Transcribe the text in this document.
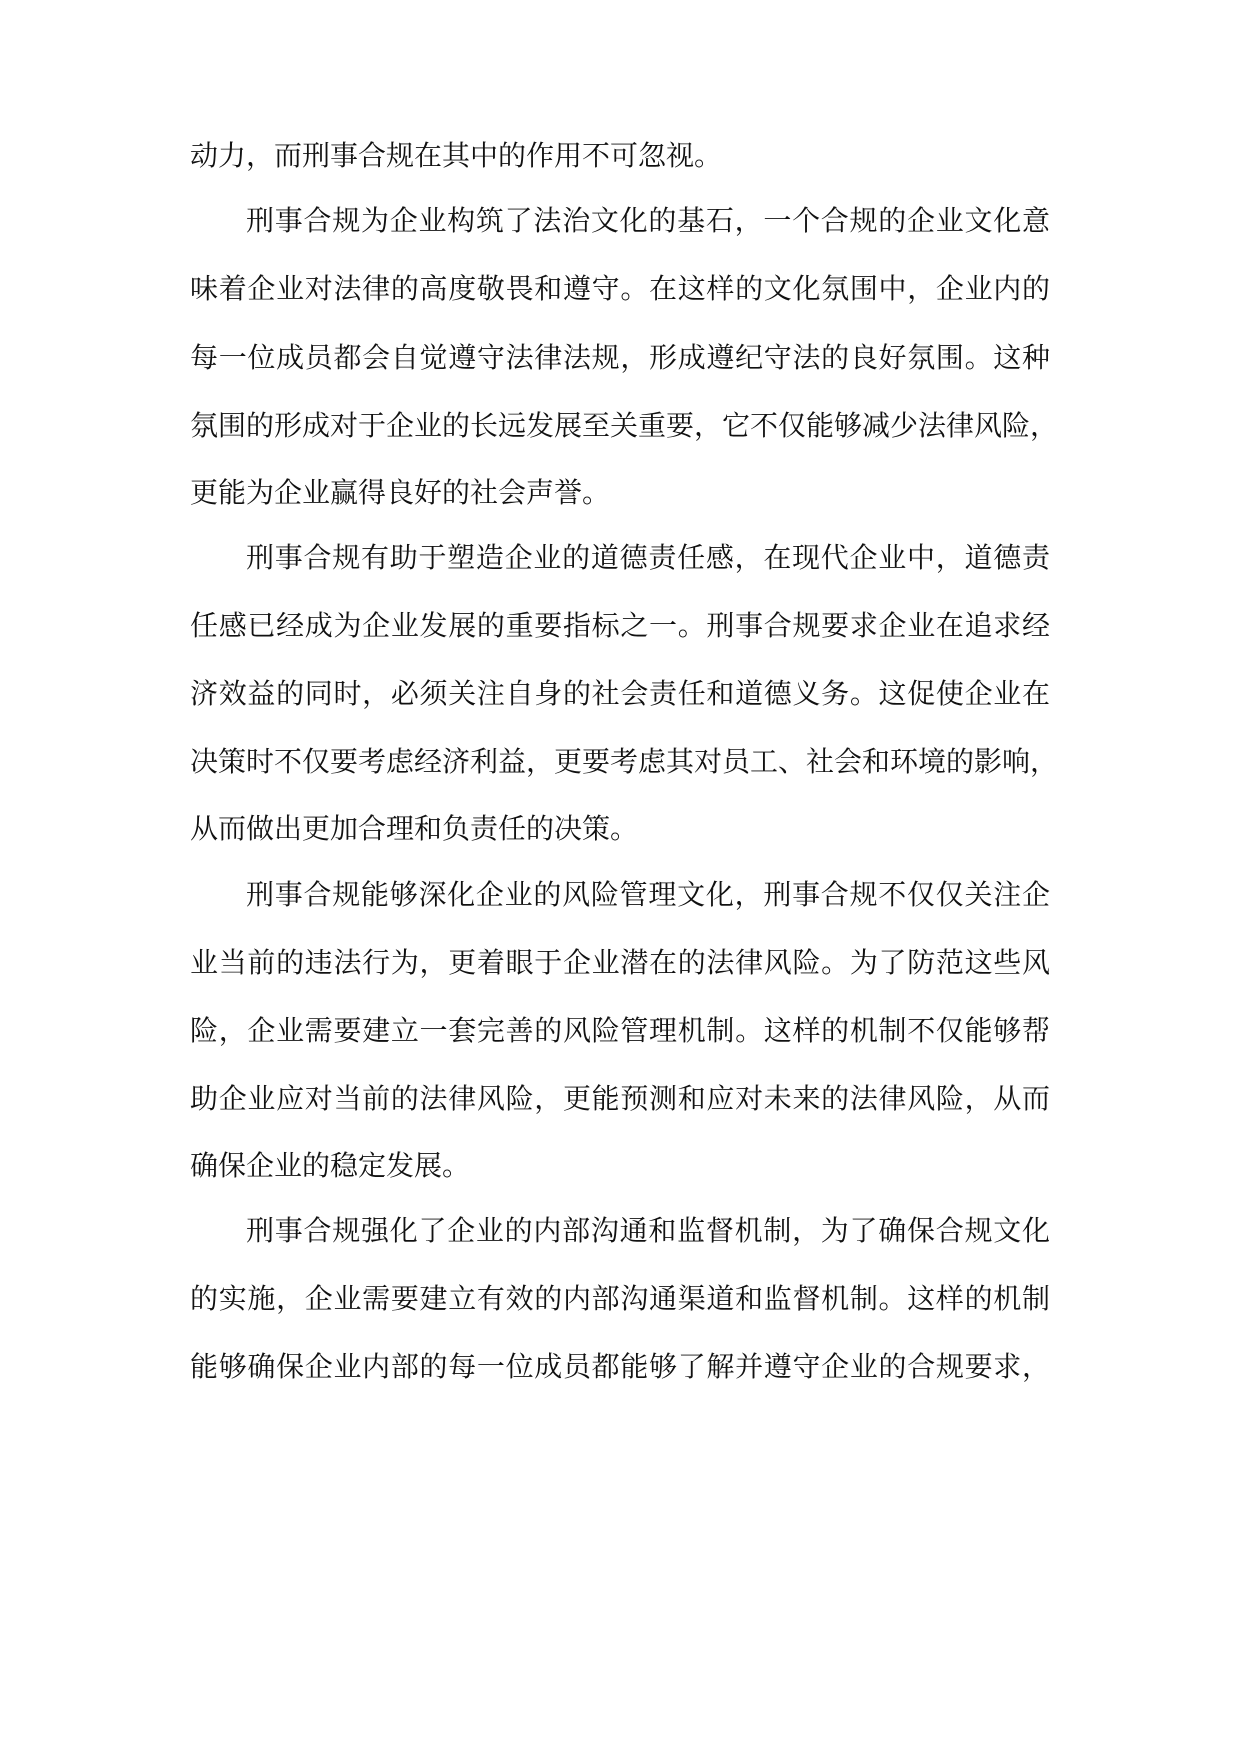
动力，而刑事合规在其中的作用不可忽视。

刑事合规为企业构筑了法治文化的基石，一个合规的企业文化意

味着企业对法律的高度敬畏和遵守。在这样的文化氛围中，企业内的

每一位成员都会自觉遵守法律法规，形成遵纪守法的良好氛围。这种

氛围的形成对于企业的长远发展至关重要，它不仅能够减少法律风险，

更能为企业赢得良好的社会声誉。

刑事合规有助于塑造企业的道德责任感，在现代企业中，道德责

任感已经成为企业发展的重要指标之一。刑事合规要求企业在追求经

济效益的同时，必须关注自身的社会责任和道德义务。这促使企业在

决策时不仅要考虑经济利益，更要考虑其对员工、社会和环境的影响，

从而做出更加合理和负责任的决策。

刑事合规能够深化企业的风险管理文化，刑事合规不仅仅关注企

业当前的违法行为，更着眼于企业潜在的法律风险。为了防范这些风

险，企业需要建立一套完善的风险管理机制。这样的机制不仅能够帮

助企业应对当前的法律风险，更能预测和应对未来的法律风险，从而

确保企业的稳定发展。

刑事合规强化了企业的内部沟通和监督机制，为了确保合规文化

的实施，企业需要建立有效的内部沟通渠道和监督机制。这样的机制

能够确保企业内部的每一位成员都能够了解并遵守企业的合规要求，
